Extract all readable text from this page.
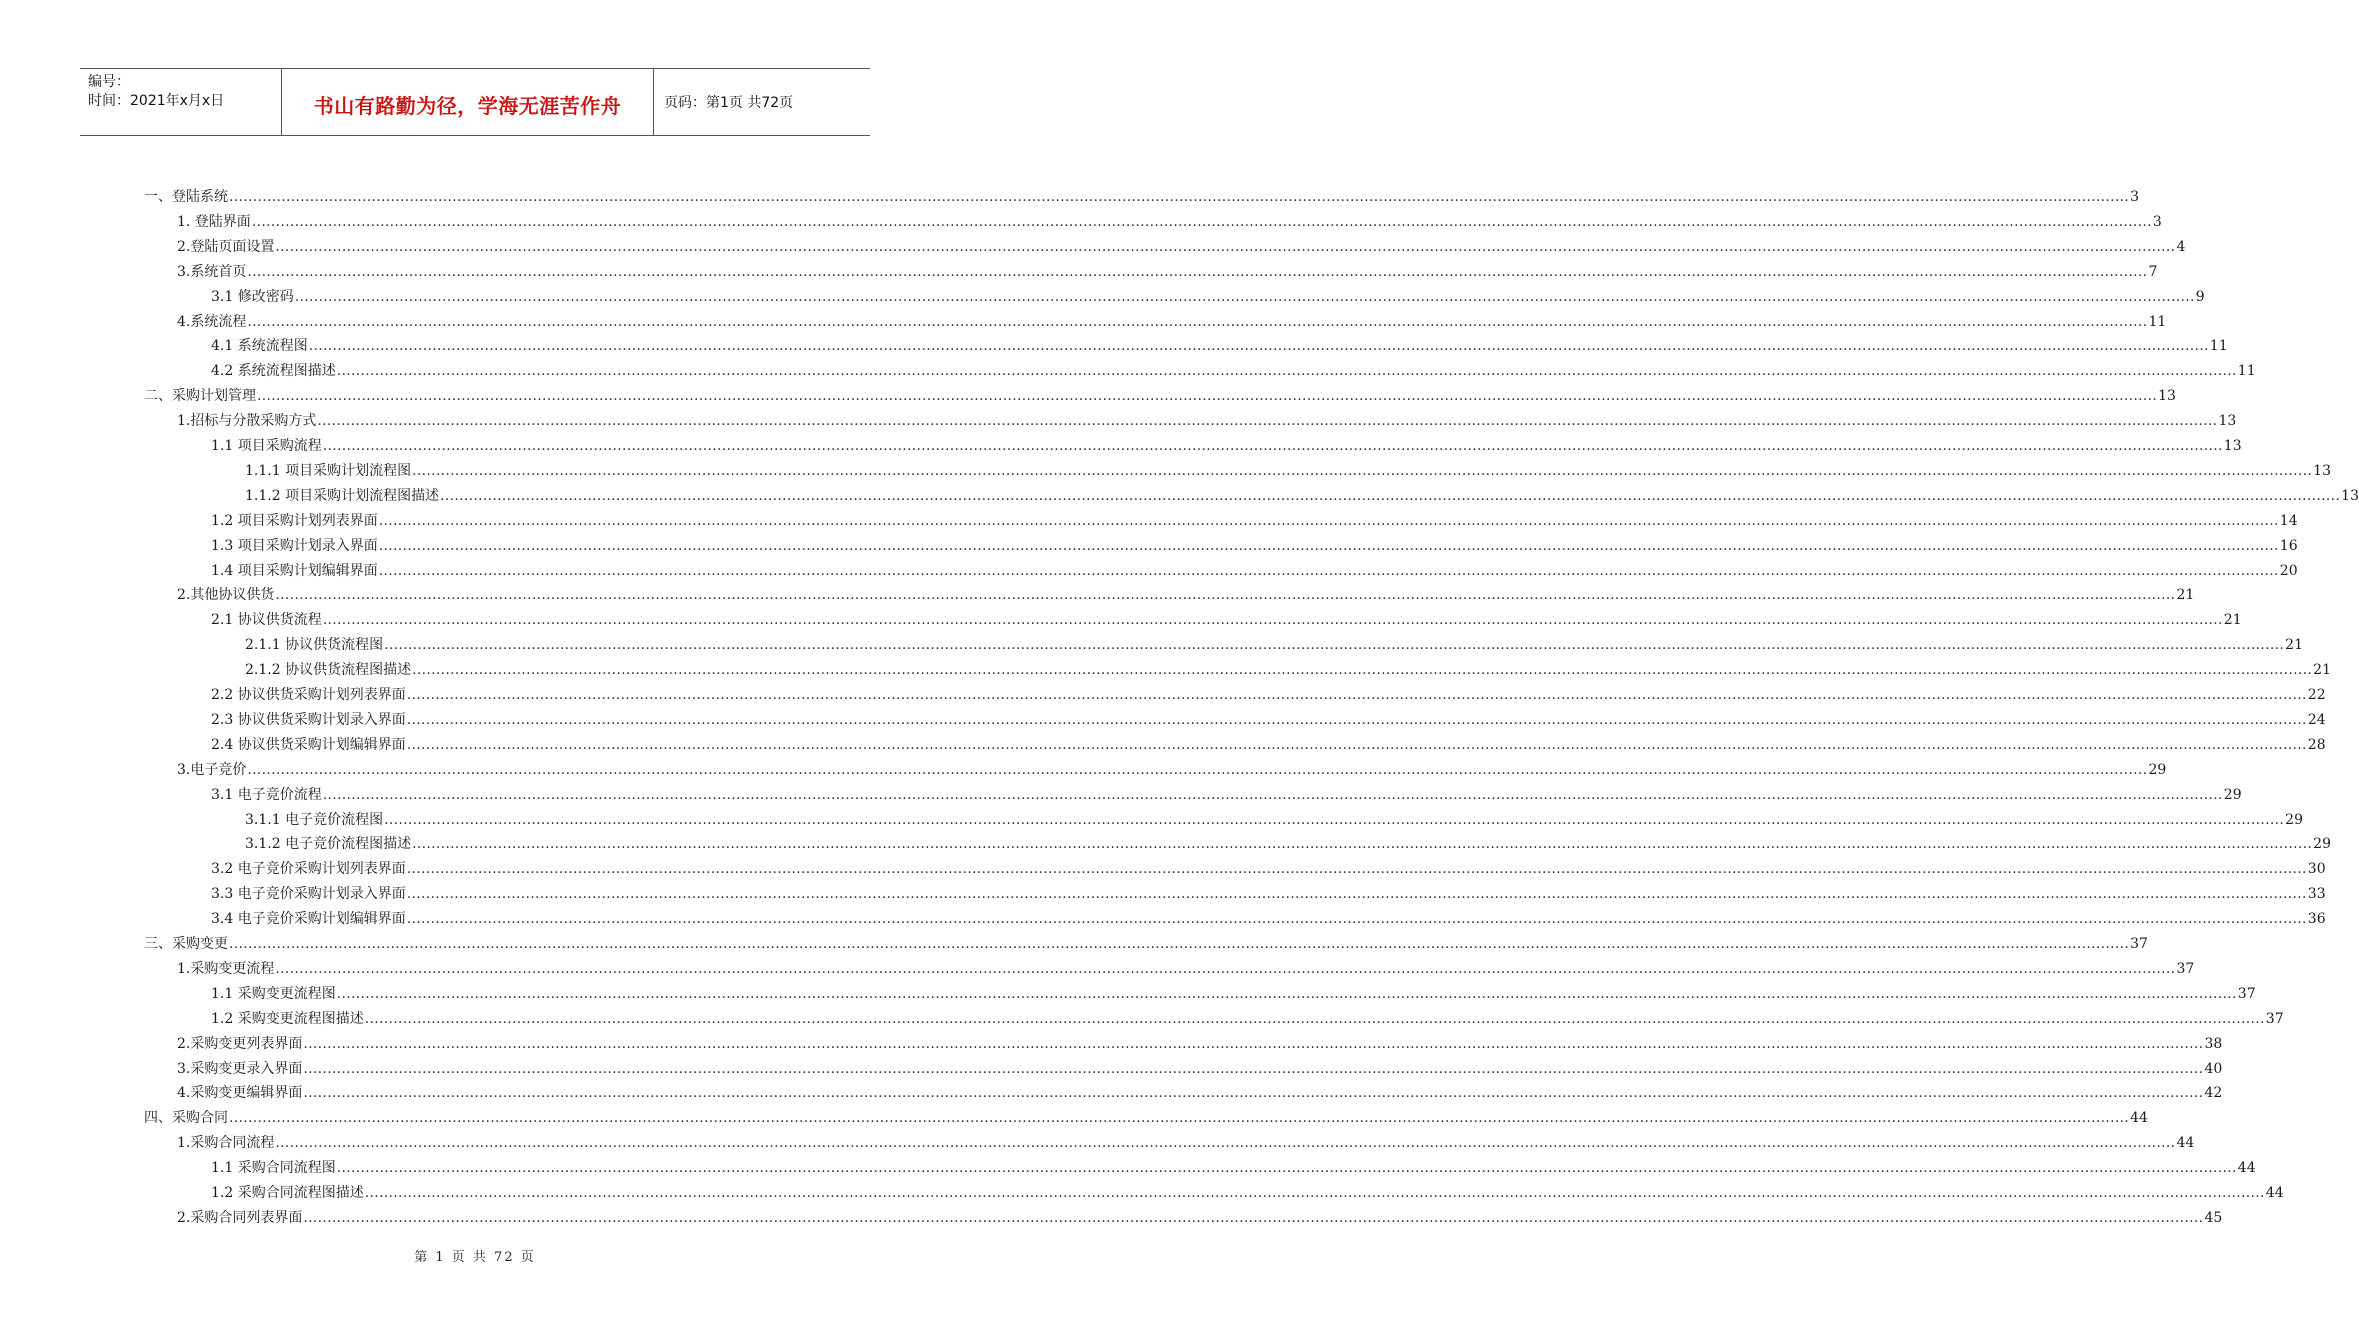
编号：
时间：2021年x月x日	书山有路勤为径，学海无涯苦作舟	页码：第1页 共72页
一、登陆系统 ................................................................................................................................................................................................................................................................................................................................................................................................................ 3
1. 登陆界面 ................................................................................................................................................................................................................................................................................................................................................................................................................ 3
2.登陆页面设置 ................................................................................................................................................................................................................................................................................................................................................................................................................ 4
3.系统首页 ................................................................................................................................................................................................................................................................................................................................................................................................................ 7
3.1 修改密码 ................................................................................................................................................................................................................................................................................................................................................................................................................ 9
4.系统流程 ................................................................................................................................................................................................................................................................................................................................................................................................................ 11
4.1 系统流程图 ................................................................................................................................................................................................................................................................................................................................................................................................................ 11
4.2 系统流程图描述 ................................................................................................................................................................................................................................................................................................................................................................................................................ 11
二、采购计划管理 ................................................................................................................................................................................................................................................................................................................................................................................................................ 13
1.招标与分散采购方式 ................................................................................................................................................................................................................................................................................................................................................................................................................ 13
1.1 项目采购流程 ................................................................................................................................................................................................................................................................................................................................................................................................................ 13
1.1.1 项目采购计划流程图 ................................................................................................................................................................................................................................................................................................................................................................................................................ 13
1.1.2 项目采购计划流程图描述 ................................................................................................................................................................................................................................................................................................................................................................................................................ 13
1.2 项目采购计划列表界面 ................................................................................................................................................................................................................................................................................................................................................................................................................ 14
1.3 项目采购计划录入界面 ................................................................................................................................................................................................................................................................................................................................................................................................................ 16
1.4 项目采购计划编辑界面 ................................................................................................................................................................................................................................................................................................................................................................................................................ 20
2.其他协议供货 ................................................................................................................................................................................................................................................................................................................................................................................................................ 21
2.1 协议供货流程 ................................................................................................................................................................................................................................................................................................................................................................................................................ 21
2.1.1 协议供货流程图 ................................................................................................................................................................................................................................................................................................................................................................................................................ 21
2.1.2 协议供货流程图描述 ................................................................................................................................................................................................................................................................................................................................................................................................................ 21
2.2 协议供货采购计划列表界面 ................................................................................................................................................................................................................................................................................................................................................................................................................ 22
2.3 协议供货采购计划录入界面 ................................................................................................................................................................................................................................................................................................................................................................................................................ 24
2.4 协议供货采购计划编辑界面 ................................................................................................................................................................................................................................................................................................................................................................................................................ 28
3.电子竞价 ................................................................................................................................................................................................................................................................................................................................................................................................................ 29
3.1 电子竞价流程 ................................................................................................................................................................................................................................................................................................................................................................................................................ 29
3.1.1 电子竞价流程图 ................................................................................................................................................................................................................................................................................................................................................................................................................ 29
3.1.2 电子竞价流程图描述 ................................................................................................................................................................................................................................................................................................................................................................................................................ 29
3.2 电子竞价采购计划列表界面 ................................................................................................................................................................................................................................................................................................................................................................................................................ 30
3.3 电子竞价采购计划录入界面 ................................................................................................................................................................................................................................................................................................................................................................................................................ 33
3.4 电子竞价采购计划编辑界面 ................................................................................................................................................................................................................................................................................................................................................................................................................ 36
三、采购变更 ................................................................................................................................................................................................................................................................................................................................................................................................................ 37
1.采购变更流程 ................................................................................................................................................................................................................................................................................................................................................................................................................ 37
1.1 采购变更流程图 ................................................................................................................................................................................................................................................................................................................................................................................................................ 37
1.2 采购变更流程图描述 ................................................................................................................................................................................................................................................................................................................................................................................................................ 37
2.采购变更列表界面 ................................................................................................................................................................................................................................................................................................................................................................................................................ 38
3.采购变更录入界面 ................................................................................................................................................................................................................................................................................................................................................................................................................ 40
4.采购变更编辑界面 ................................................................................................................................................................................................................................................................................................................................................................................................................ 42
四、采购合同 ................................................................................................................................................................................................................................................................................................................................................................................................................ 44
1.采购合同流程 ................................................................................................................................................................................................................................................................................................................................................................................................................ 44
1.1 采购合同流程图 ................................................................................................................................................................................................................................................................................................................................................................................................................ 44
1.2 采购合同流程图描述 ................................................................................................................................................................................................................................................................................................................................................................................................................ 44
2.采购合同列表界面 ................................................................................................................................................................................................................................................................................................................................................................................................................ 45
第 1 页 共 72 页
